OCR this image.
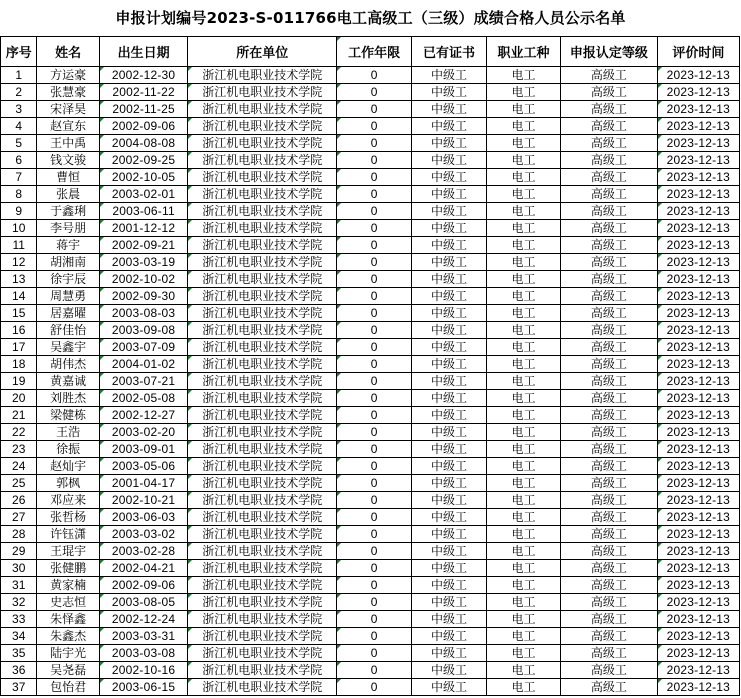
申报计划编号2023-S-011766电工高级工（三级）成绩合格人员公示名单
序号	姓名	出生日期	所在单位	工作年限	已有证书	职业工种	申报认定等级	评价时间
1	方运豪	2002-12-30	浙江机电职业技术学院	0	中级工	电工	高级工	2023-12-13
2	张慧豪	2002-11-22	浙江机电职业技术学院	0	中级工	电工	高级工	2023-12-13
3	宋泽昊	2002-11-25	浙江机电职业技术学院	0	中级工	电工	高级工	2023-12-13
4	赵宣东	2002-09-06	浙江机电职业技术学院	0	中级工	电工	高级工	2023-12-13
5	王中禹	2004-08-08	浙江机电职业技术学院	0	中级工	电工	高级工	2023-12-13
6	钱文骏	2002-09-25	浙江机电职业技术学院	0	中级工	电工	高级工	2023-12-13
7	曹恒	2002-10-05	浙江机电职业技术学院	0	中级工	电工	高级工	2023-12-13
8	张晨	2003-02-01	浙江机电职业技术学院	0	中级工	电工	高级工	2023-12-13
9	于鑫琍	2003-06-11	浙江机电职业技术学院	0	中级工	电工	高级工	2023-12-13
10	李号朋	2001-12-12	浙江机电职业技术学院	0	中级工	电工	高级工	2023-12-13
11	蒋宇	2002-09-21	浙江机电职业技术学院	0	中级工	电工	高级工	2023-12-13
12	胡湘南	2003-03-19	浙江机电职业技术学院	0	中级工	电工	高级工	2023-12-13
13	徐宇辰	2002-10-02	浙江机电职业技术学院	0	中级工	电工	高级工	2023-12-13
14	周慧勇	2002-09-30	浙江机电职业技术学院	0	中级工	电工	高级工	2023-12-13
15	居嘉曜	2003-08-03	浙江机电职业技术学院	0	中级工	电工	高级工	2023-12-13
16	舒佳怡	2003-09-08	浙江机电职业技术学院	0	中级工	电工	高级工	2023-12-13
17	吴鑫宇	2003-07-09	浙江机电职业技术学院	0	中级工	电工	高级工	2023-12-13
18	胡伟杰	2004-01-02	浙江机电职业技术学院	0	中级工	电工	高级工	2023-12-13
19	黄嘉诚	2003-07-21	浙江机电职业技术学院	0	中级工	电工	高级工	2023-12-13
20	刘胜杰	2002-05-08	浙江机电职业技术学院	0	中级工	电工	高级工	2023-12-13
21	梁健栋	2002-12-27	浙江机电职业技术学院	0	中级工	电工	高级工	2023-12-13
22	王浩	2003-02-20	浙江机电职业技术学院	0	中级工	电工	高级工	2023-12-13
23	徐振	2003-09-01	浙江机电职业技术学院	0	中级工	电工	高级工	2023-12-13
24	赵灿宇	2003-05-06	浙江机电职业技术学院	0	中级工	电工	高级工	2023-12-13
25	郭枫	2001-04-17	浙江机电职业技术学院	0	中级工	电工	高级工	2023-12-13
26	邓应来	2002-10-21	浙江机电职业技术学院	0	中级工	电工	高级工	2023-12-13
27	张哲杨	2003-06-03	浙江机电职业技术学院	0	中级工	电工	高级工	2023-12-13
28	许钰潇	2003-03-02	浙江机电职业技术学院	0	中级工	电工	高级工	2023-12-13
29	王琨宇	2003-02-28	浙江机电职业技术学院	0	中级工	电工	高级工	2023-12-13
30	张健鹏	2002-04-21	浙江机电职业技术学院	0	中级工	电工	高级工	2023-12-13
31	黄家楠	2002-09-06	浙江机电职业技术学院	0	中级工	电工	高级工	2023-12-13
32	史志恒	2003-08-05	浙江机电职业技术学院	0	中级工	电工	高级工	2023-12-13
33	朱怿鑫	2002-12-24	浙江机电职业技术学院	0	中级工	电工	高级工	2023-12-13
34	朱鑫杰	2003-03-31	浙江机电职业技术学院	0	中级工	电工	高级工	2023-12-13
35	陆宇光	2003-03-08	浙江机电职业技术学院	0	中级工	电工	高级工	2023-12-13
36	吴尧磊	2002-10-16	浙江机电职业技术学院	0	中级工	电工	高级工	2023-12-13
37	包怡君	2003-06-15	浙江机电职业技术学院	0	中级工	电工	高级工	2023-12-13
